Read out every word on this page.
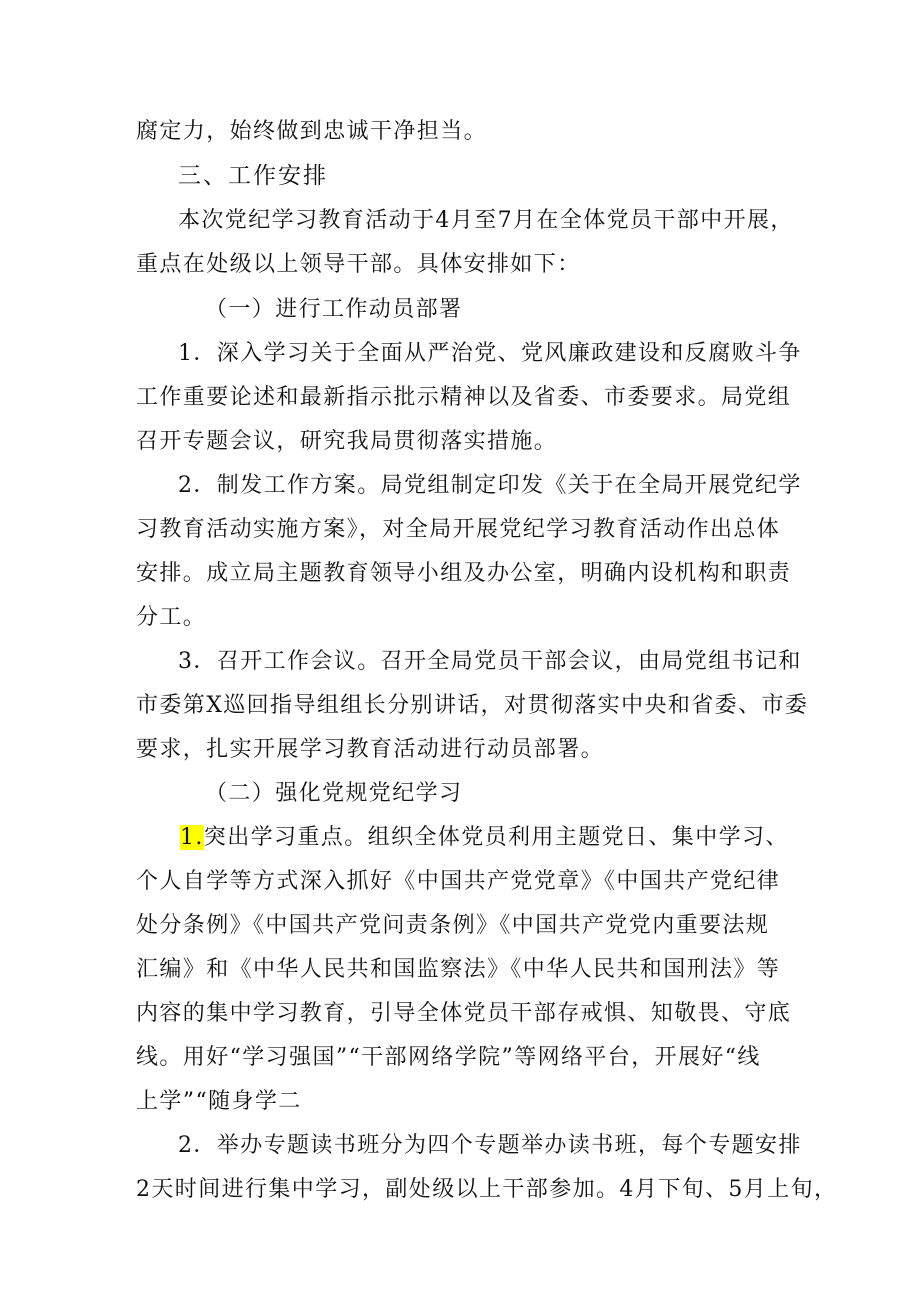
腐定力，始终做到忠诚干净担当。
三、工作安排
本次党纪学习教育活动于4月至7月在全体党员干部中开展，
重点在处级以上领导干部。具体安排如下：
（一）进行工作动员部署
1．深入学习关于全面从严治党、党风廉政建设和反腐败斗争
工作重要论述和最新指示批示精神以及省委、市委要求。局党组
召开专题会议，研究我局贯彻落实措施。
2．制发工作方案。局党组制定印发《关于在全局开展党纪学
习教育活动实施方案》，对全局开展党纪学习教育活动作出总体
安排。成立局主题教育领导小组及办公室，明确内设机构和职责
分工。
3．召开工作会议。召开全局党员干部会议，由局党组书记和
市委第X巡回指导组组长分别讲话，对贯彻落实中央和省委、市委
要求，扎实开展学习教育活动进行动员部署。
（二）强化党规党纪学习
1.突出学习重点。组织全体党员利用主题党日、集中学习、
个人自学等方式深入抓好《中国共产党党章》《中国共产党纪律
处分条例》《中国共产党问责条例》《中国共产党党内重要法规
汇编》和《中华人民共和国监察法》《中华人民共和国刑法》等
内容的集中学习教育，引导全体党员干部存戒惧、知敬畏、守底
线。用好“学习强国”“干部网络学院”等网络平台，开展好“线
上学”“随身学二
2．举办专题读书班分为四个专题举办读书班，每个专题安排
2天时间进行集中学习，副处级以上干部参加。4月下旬、5月上旬，
